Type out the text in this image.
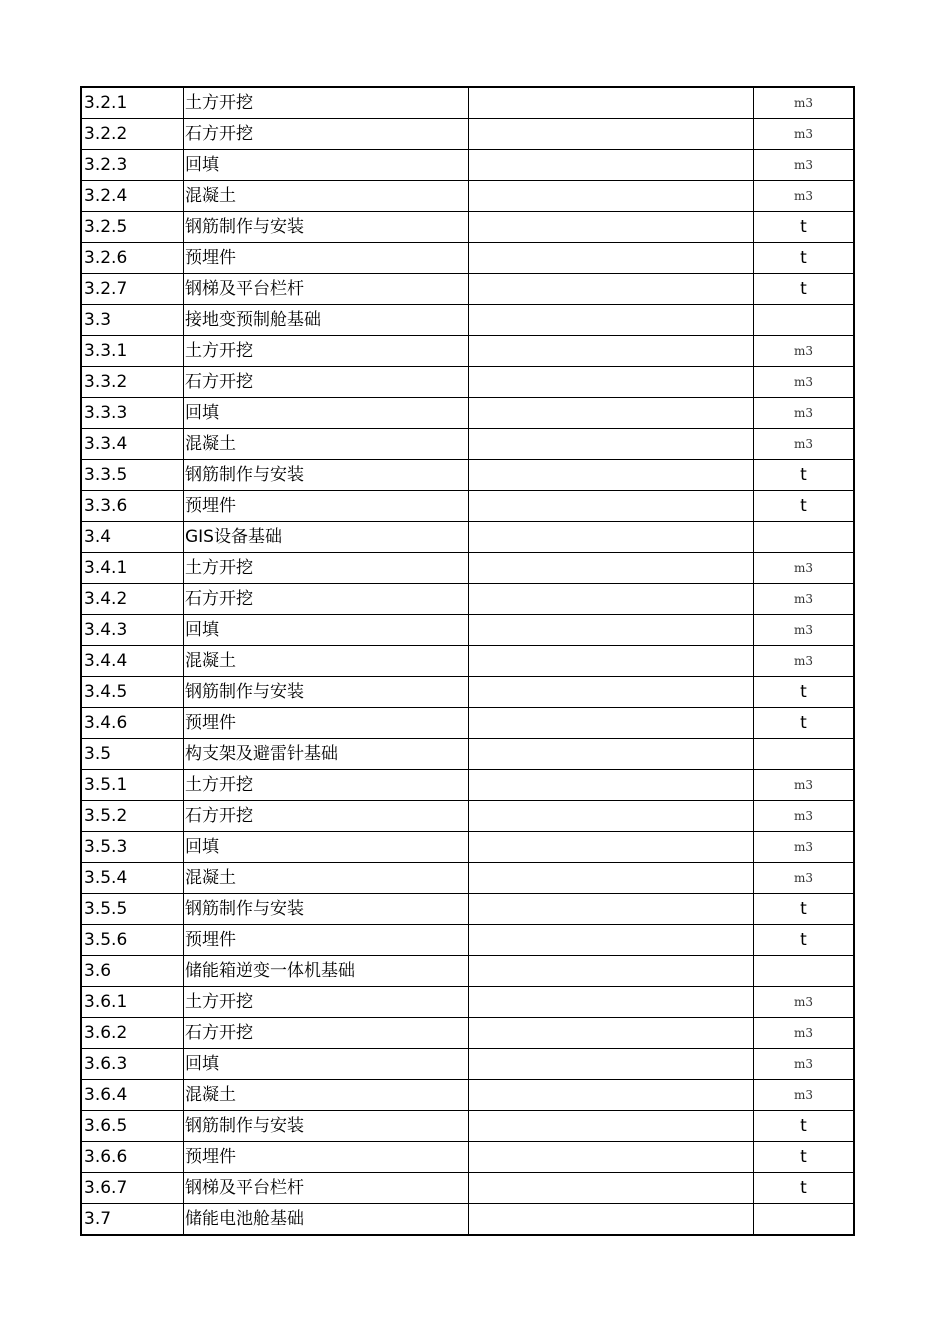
3.2.1	土方开挖		m3
3.2.2	石方开挖		m3
3.2.3	回填		m3
3.2.4	混凝土		m3
3.2.5	钢筋制作与安装		t
3.2.6	预埋件		t
3.2.7	钢梯及平台栏杆		t
3.3	接地变预制舱基础		
3.3.1	土方开挖		m3
3.3.2	石方开挖		m3
3.3.3	回填		m3
3.3.4	混凝土		m3
3.3.5	钢筋制作与安装		t
3.3.6	预埋件		t
3.4	GIS设备基础		
3.4.1	土方开挖		m3
3.4.2	石方开挖		m3
3.4.3	回填		m3
3.4.4	混凝土		m3
3.4.5	钢筋制作与安装		t
3.4.6	预埋件		t
3.5	构支架及避雷针基础		
3.5.1	土方开挖		m3
3.5.2	石方开挖		m3
3.5.3	回填		m3
3.5.4	混凝土		m3
3.5.5	钢筋制作与安装		t
3.5.6	预埋件		t
3.6	储能箱逆变一体机基础		
3.6.1	土方开挖		m3
3.6.2	石方开挖		m3
3.6.3	回填		m3
3.6.4	混凝土		m3
3.6.5	钢筋制作与安装		t
3.6.6	预埋件		t
3.6.7	钢梯及平台栏杆		t
3.7	储能电池舱基础		
